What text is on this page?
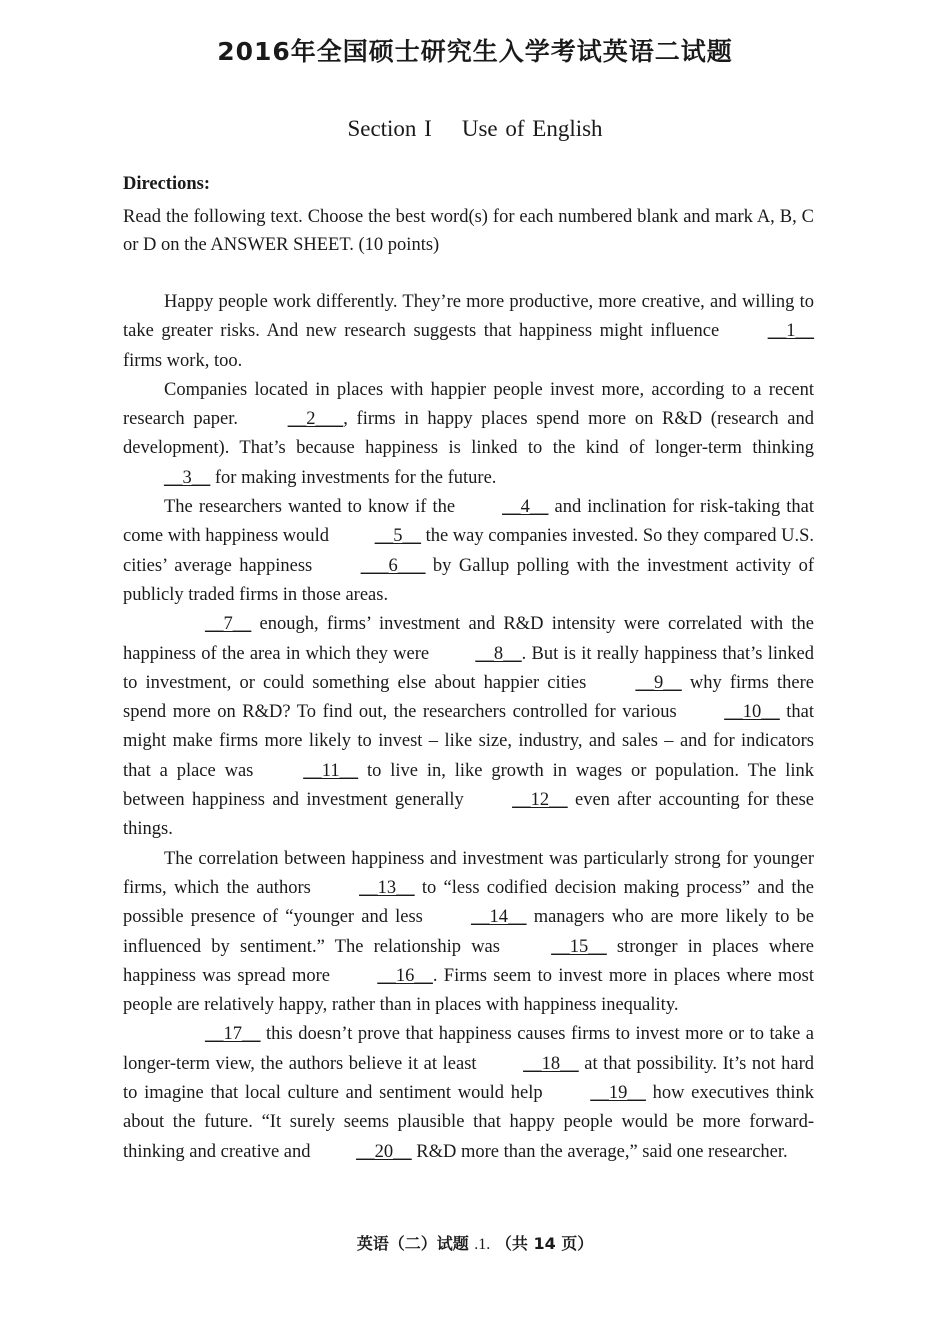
2016年全国硕士研究生入学考试英语二试题
Section I Use of English
Directions:
Read the following text. Choose the best word(s) for each numbered blank and mark A, B, C or D on the ANSWER SHEET. (10 points)

Happy people work differently. They’re more productive, more creative, and willing to take greater risks. And new research suggests that happiness might influence __1__ firms work, too.

Companies located in places with happier people invest more, according to a recent research paper. __2___, firms in happy places spend more on R&D (research and development). That’s because happiness is linked to the kind of longer-term thinking __3__ for making investments for the future.

The researchers wanted to know if the __4__ and inclination for risk-taking that come with happiness would __5__ the way companies invested. So they compared U.S. cities’ average happiness ___6___ by Gallup polling with the investment activity of publicly traded firms in those areas.

__7__ enough, firms’ investment and R&D intensity were correlated with the happiness of the area in which they were __8__. But is it really happiness that’s linked to investment, or could something else about happier cities __9__ why firms there spend more on R&D? To find out, the researchers controlled for various __10__ that might make firms more likely to invest – like size, industry, and sales – and for indicators that a place was __11__ to live in, like growth in wages or population. The link between happiness and investment generally __12__ even after accounting for these things.

The correlation between happiness and investment was particularly strong for younger firms, which the authors __13__ to “less codified decision making process” and the possible presence of “younger and less __14__ managers who are more likely to be influenced by sentiment.” The relationship was __15__ stronger in places where happiness was spread more __16__. Firms seem to invest more in places where most people are relatively happy, rather than in places with happiness inequality.

__17__ this doesn’t prove that happiness causes firms to invest more or to take a longer-term view, the authors believe it at least __18__ at that possibility. It’s not hard to imagine that local culture and sentiment would help __19__ how executives think about the future. “It surely seems plausible that happy people would be more forward-thinking and creative and __20__ R&D more than the average,” said one researcher.

英语（二）试题 .1. （共 14 页）
